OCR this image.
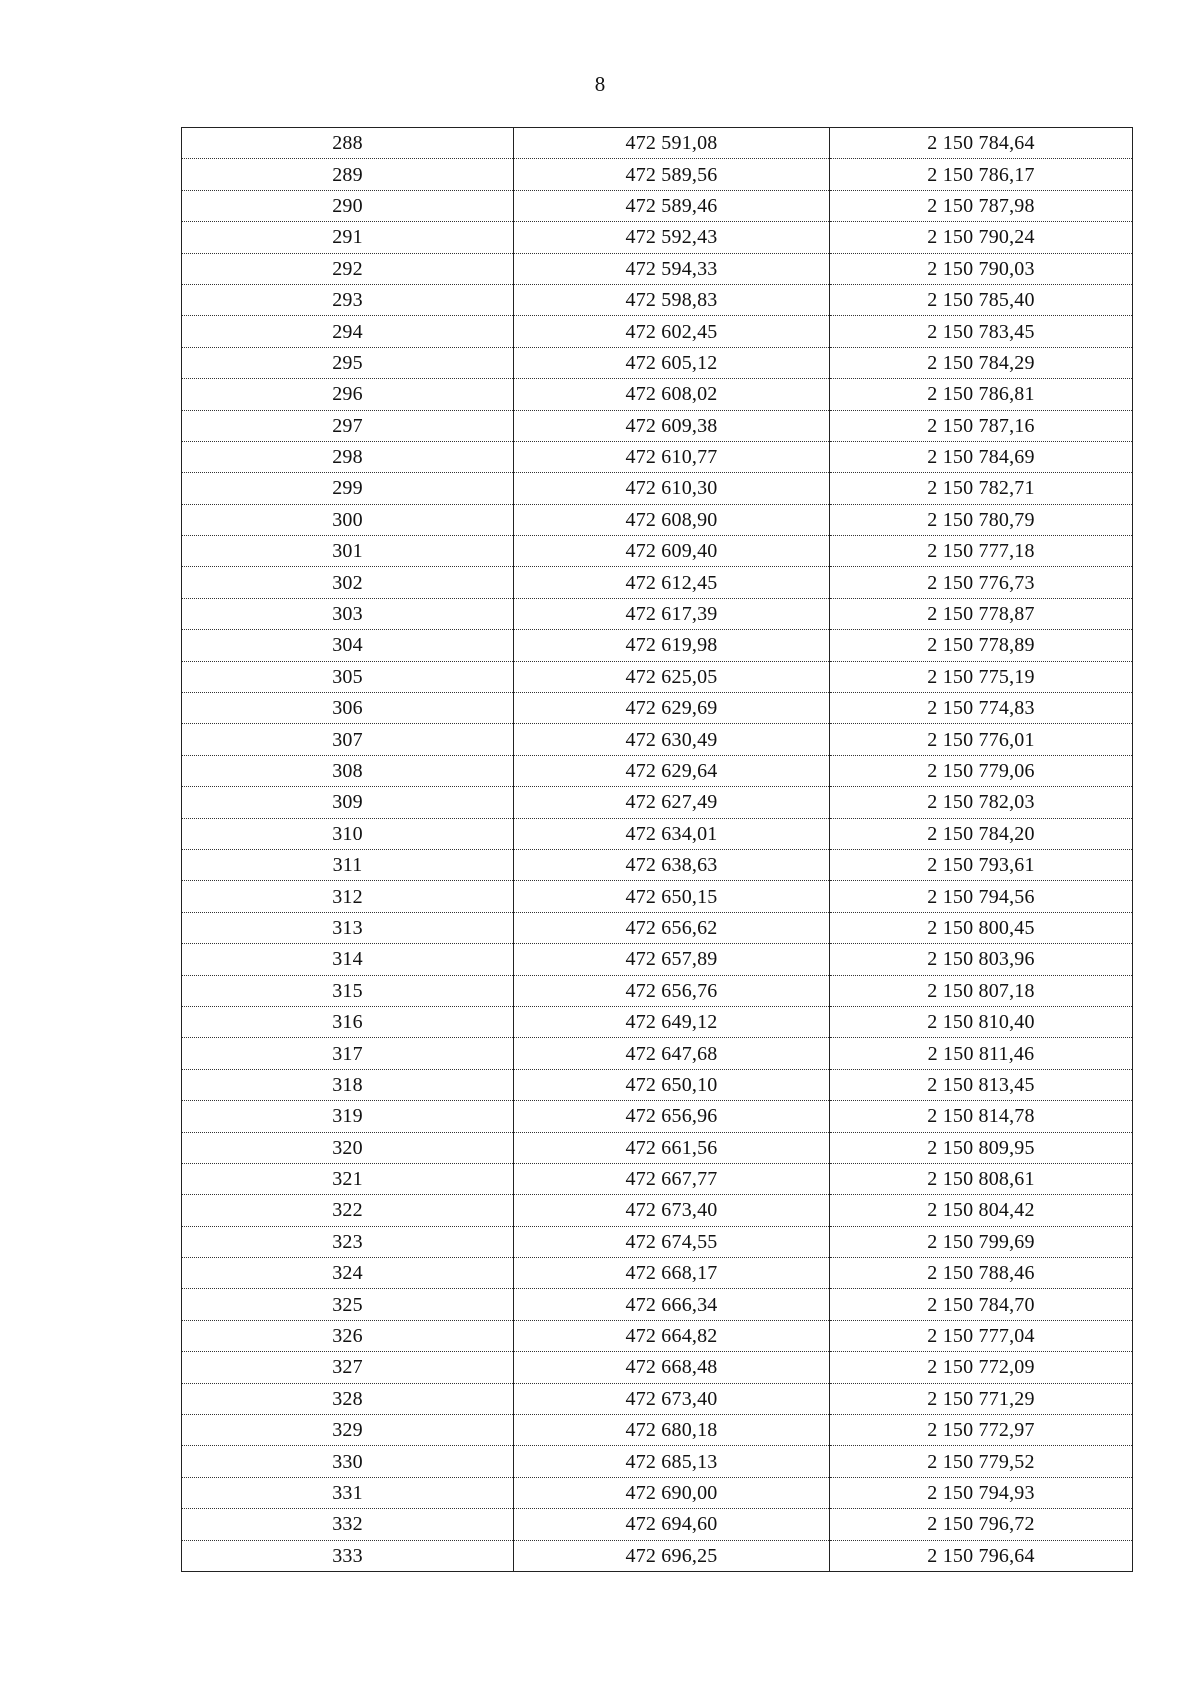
8
288	472 591,08	2 150 784,64
289	472 589,56	2 150 786,17
290	472 589,46	2 150 787,98
291	472 592,43	2 150 790,24
292	472 594,33	2 150 790,03
293	472 598,83	2 150 785,40
294	472 602,45	2 150 783,45
295	472 605,12	2 150 784,29
296	472 608,02	2 150 786,81
297	472 609,38	2 150 787,16
298	472 610,77	2 150 784,69
299	472 610,30	2 150 782,71
300	472 608,90	2 150 780,79
301	472 609,40	2 150 777,18
302	472 612,45	2 150 776,73
303	472 617,39	2 150 778,87
304	472 619,98	2 150 778,89
305	472 625,05	2 150 775,19
306	472 629,69	2 150 774,83
307	472 630,49	2 150 776,01
308	472 629,64	2 150 779,06
309	472 627,49	2 150 782,03
310	472 634,01	2 150 784,20
311	472 638,63	2 150 793,61
312	472 650,15	2 150 794,56
313	472 656,62	2 150 800,45
314	472 657,89	2 150 803,96
315	472 656,76	2 150 807,18
316	472 649,12	2 150 810,40
317	472 647,68	2 150 811,46
318	472 650,10	2 150 813,45
319	472 656,96	2 150 814,78
320	472 661,56	2 150 809,95
321	472 667,77	2 150 808,61
322	472 673,40	2 150 804,42
323	472 674,55	2 150 799,69
324	472 668,17	2 150 788,46
325	472 666,34	2 150 784,70
326	472 664,82	2 150 777,04
327	472 668,48	2 150 772,09
328	472 673,40	2 150 771,29
329	472 680,18	2 150 772,97
330	472 685,13	2 150 779,52
331	472 690,00	2 150 794,93
332	472 694,60	2 150 796,72
333	472 696,25	2 150 796,64
